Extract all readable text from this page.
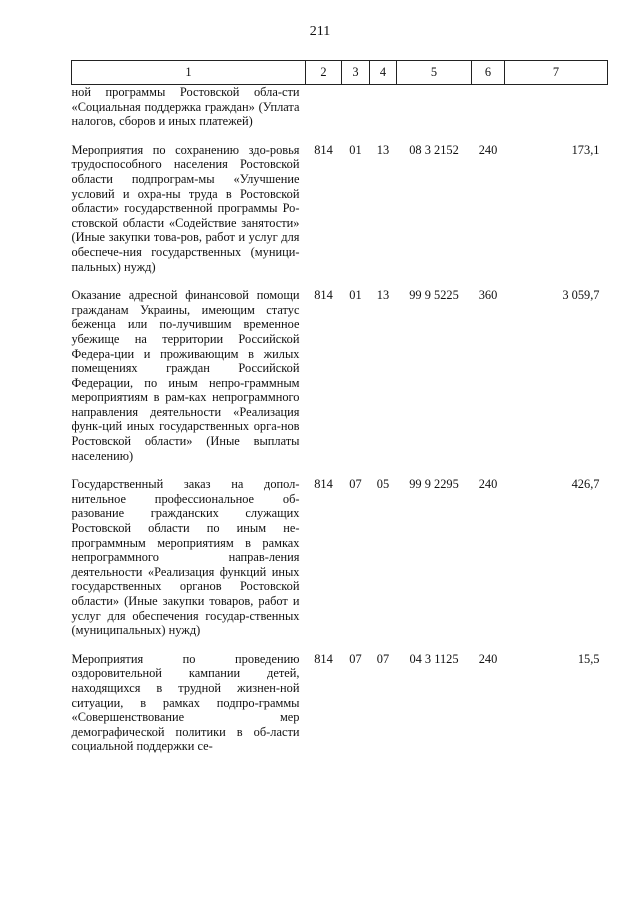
211
1	2	3	4	5	6	7
ной программы Ростовской обла-сти «Социальная поддержка граждан» (Уплата налогов, сборов и иных платежей)						
Мероприятия по сохранению здо-ровья трудоспособного населения Ростовской области подпрограм-мы «Улучшение условий и охра-ны труда в Ростовской области» государственной программы Ро-стовской области «Содействие занятости» (Иные закупки това-ров, работ и услуг для обеспече-ния государственных (муници-пальных) нужд)	814	01	13	08 3 2152	240	173,1
Оказание адресной финансовой помощи гражданам Украины, имеющим статус беженца или по-лучившим временное убежище на территории Российской Федера-ции и проживающим в жилых помещениях граждан Российской Федерации, по иным непро-граммным мероприятиям в рам-ках непрограммного направления деятельности «Реализация функ-ций иных государственных орга-нов Ростовской области» (Иные выплаты населению)	814	01	13	99 9 5225	360	3 059,7
Государственный заказ на допол-нительное профессиональное об-разование гражданских служащих Ростовской области по иным не-программным мероприятиям в рамках непрограммного направ-ления деятельности «Реализация функций иных государственных органов Ростовской области» (Иные закупки товаров, работ и услуг для обеспечения государ-ственных (муниципальных) нужд)	814	07	05	99 9 2295	240	426,7
Мероприятия по проведению оздоровительной кампании детей, находящихся в трудной жизнен-ной ситуации, в рамках подпро-граммы «Совершенствование мер демографической политики в об-ласти социальной поддержки се-	814	07	07	04 3 1125	240	15,5
